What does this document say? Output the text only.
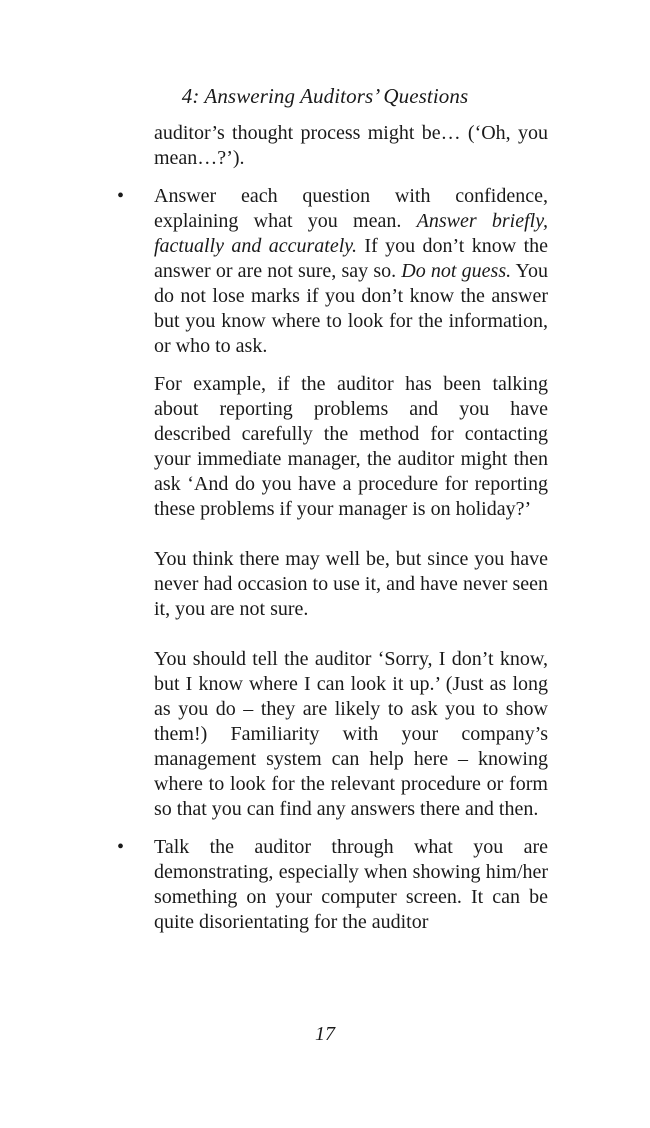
4: Answering Auditors’ Questions

auditor’s thought process might be… (‘Oh, you mean…?’).

• Answer each question with confidence, explaining what you mean. Answer briefly, factually and accurately. If you don’t know the answer or are not sure, say so. Do not guess. You do not lose marks if you don’t know the answer but you know where to look for the information, or who to ask.

For example, if the auditor has been talking about reporting problems and you have described carefully the method for contacting your immediate manager, the auditor might then ask ‘And do you have a procedure for reporting these problems if your manager is on holiday?’

You think there may well be, but since you have never had occasion to use it, and have never seen it, you are not sure.

You should tell the auditor ‘Sorry, I don’t know, but I know where I can look it up.’ (Just as long as you do – they are likely to ask you to show them!) Familiarity with your company’s management system can help here – knowing where to look for the relevant procedure or form so that you can find any answers there and then.

• Talk the auditor through what you are demonstrating, especially when showing him/her something on your computer screen. It can be quite disorientating for the auditor

17
